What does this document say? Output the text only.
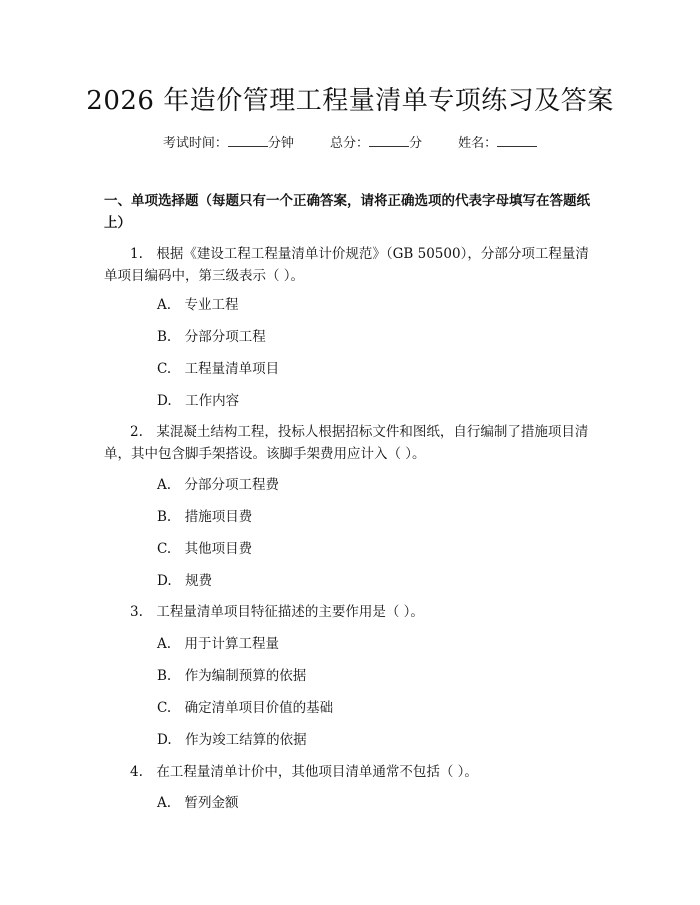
2026 年造价管理工程量清单专项练习及答案
考试时间：	分钟	总分：	分	姓名：

一、单项选择题（每题只有一个正确答案，请将正确选项的代表字母填写在答题纸上）

1.　根据《建设工程工程量清单计价规范》（GB 50500），分部分项工程量清单项目编码中，第三级表示（ ）。

A.　专业工程

B.　分部分项工程

C.　工程量清单项目

D.　工作内容

2.　某混凝土结构工程，投标人根据招标文件和图纸，自行编制了措施项目清单，其中包含脚手架搭设。该脚手架费用应计入（ ）。

A.　分部分项工程费

B.　措施项目费

C.　其他项目费

D.　规费

3.　工程量清单项目特征描述的主要作用是（ ）。

A.　用于计算工程量

B.　作为编制预算的依据

C.　确定清单项目价值的基础

D.　作为竣工结算的依据

4.　在工程量清单计价中，其他项目清单通常不包括（ ）。

A.　暂列金额
